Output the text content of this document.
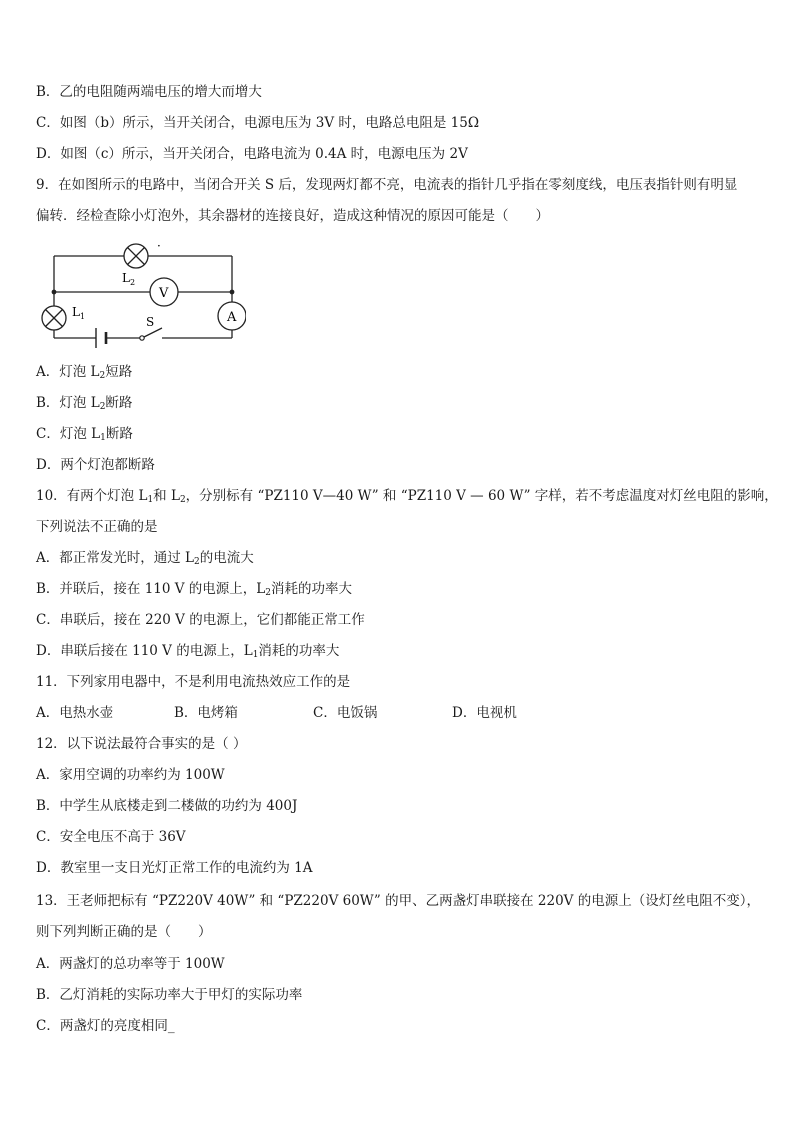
B．乙的电阻随两端电压的增大而增大
C．如图（b）所示，当开关闭合，电源电压为 3V 时，电路总电阻是 15Ω
D．如图（c）所示，当开关闭合，电路电流为 0.4A 时，电源电压为 2V
9．在如图所示的电路中，当闭合开关 S 后，发现两灯都不亮，电流表的指针几乎指在零刻度线，电压表指针则有明显
偏转．经检查除小灯泡外，其余器材的连接良好，造成这种情况的原因可能是（　　）
L 2
·
V
L 1	A
S
A．灯泡 $L_2$短路
B．灯泡 $L_2$断路
C．灯泡 $L_1$断路
D．两个灯泡都断路
10．有两个灯泡 $L_1$和 $L_2$，分别标有 “PZ110 V—40 W” 和 “PZ110 V — 60 W” 字样，若不考虑温度对灯丝电阻的影响，
下列说法不正确的是
A．都正常发光时，通过 $L_2$的电流大
B．并联后，接在 110 V 的电源上，$L_2$消耗的功率大
C．串联后，接在 220 V 的电源上，它们都能正常工作
D．串联后接在 110 V 的电源上，$L_1$消耗的功率大
11．下列家用电器中，不是利用电流热效应工作的是
A．电热水壶	B．电烤箱	C．电饭锅	D．电视机
12．以下说法最符合事实的是（ ）
A．家用空调的功率约为 100W
B．中学生从底楼走到二楼做的功约为 400J
C．安全电压不高于 36V
D．教室里一支日光灯正常工作的电流约为 1A
13．王老师把标有 “PZ220V 40W” 和 “PZ220V 60W” 的甲、乙两盏灯串联接在 220V 的电源上（设灯丝电阻不变），
则下列判断正确的是（　　）
A．两盏灯的总功率等于 100W
B．乙灯消耗的实际功率大于甲灯的实际功率
C．两盏灯的亮度相同_
